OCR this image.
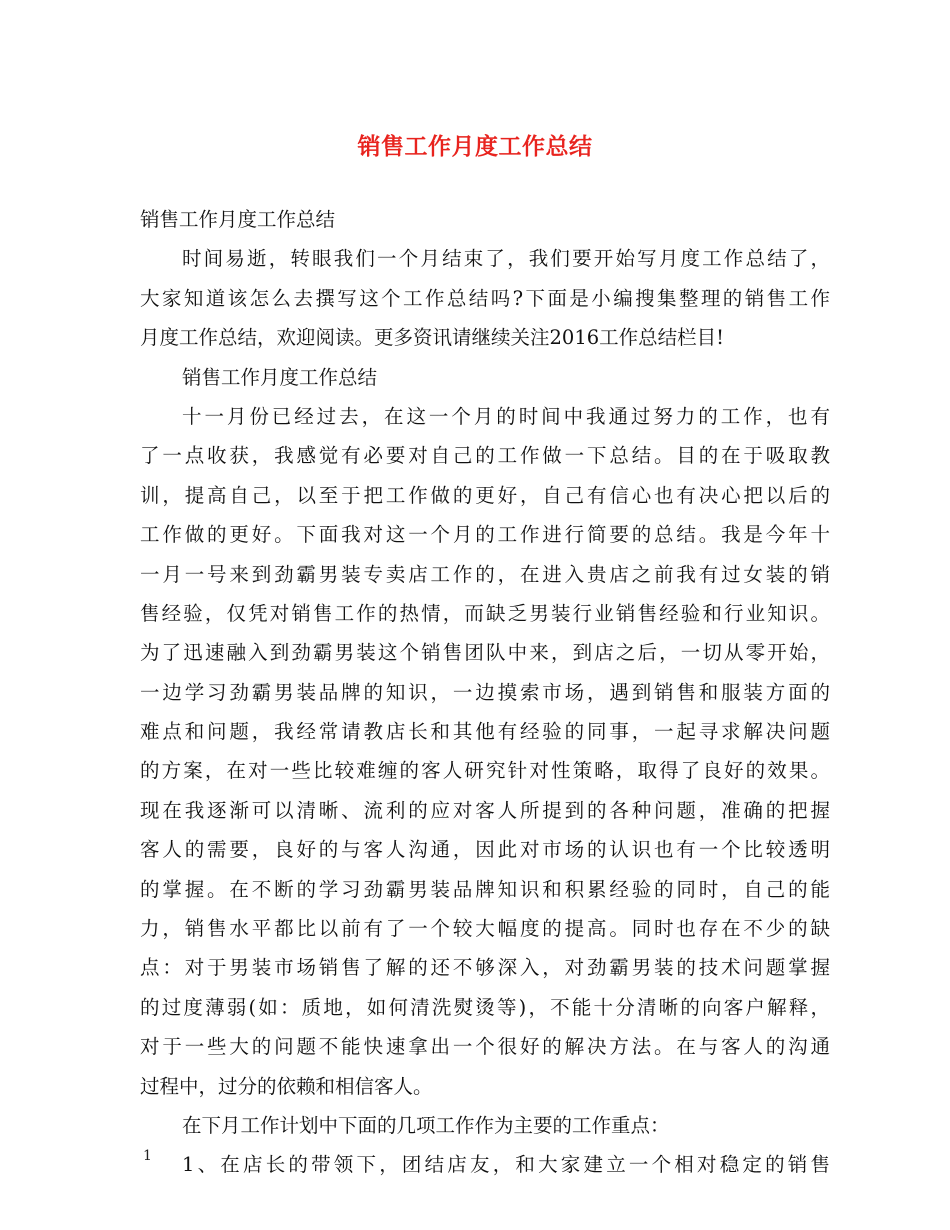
销售工作月度工作总结
销售工作月度工作总结
时间易逝，转眼我们一个月结束了，我们要开始写月度工作总结了，
大家知道该怎么去撰写这个工作总结吗?下面是小编搜集整理的销售工作
月度工作总结，欢迎阅读。更多资讯请继续关注2016工作总结栏目!
销售工作月度工作总结
十一月份已经过去，在这一个月的时间中我通过努力的工作，也有
了一点收获，我感觉有必要对自己的工作做一下总结。目的在于吸取教
训，提高自己，以至于把工作做的更好，自己有信心也有决心把以后的
工作做的更好。下面我对这一个月的工作进行简要的总结。我是今年十
一月一号来到劲霸男装专卖店工作的，在进入贵店之前我有过女装的销
售经验，仅凭对销售工作的热情，而缺乏男装行业销售经验和行业知识。
为了迅速融入到劲霸男装这个销售团队中来，到店之后，一切从零开始，
一边学习劲霸男装品牌的知识，一边摸索市场，遇到销售和服装方面的
难点和问题，我经常请教店长和其他有经验的同事，一起寻求解决问题
的方案，在对一些比较难缠的客人研究针对性策略，取得了良好的效果。
现在我逐渐可以清晰、流利的应对客人所提到的各种问题，准确的把握
客人的需要，良好的与客人沟通，因此对市场的认识也有一个比较透明
的掌握。在不断的学习劲霸男装品牌知识和积累经验的同时，自己的能
力，销售水平都比以前有了一个较大幅度的提高。同时也存在不少的缺
点：对于男装市场销售了解的还不够深入，对劲霸男装的技术问题掌握
的过度薄弱(如：质地，如何清洗熨烫等)，不能十分清晰的向客户解释，
对于一些大的问题不能快速拿出一个很好的解决方法。在与客人的沟通
过程中，过分的依赖和相信客人。
在下月工作计划中下面的几项工作作为主要的工作重点：
1、在店长的带领下，团结店友，和大家建立一个相对稳定的销售
1
